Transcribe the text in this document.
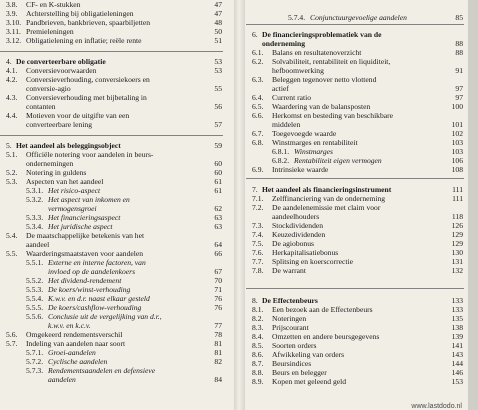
3.8. CF- en K-stukken	47
3.9. Achterstelling bij obligatieleningen	47
3.10. Pandbrieven, bankbrieven, spaarbiljetten	48
3.11. Premieleningen	50
3.12. Obligatielening en inflatie; reële rente	51
4. De converteerbare obligatie	53
4.1. Conversievoorwaarden	53
4.2. Conversieverhouding, conversiekoers en
conversie-agio	55
4.3. Conversieverhouding met bijbetaling in
contanten	56
4.4. Motieven voor de uitgifte van een
converteerbare lening	57
5. Het aandeel als beleggingsobject	59
5.1. Officiële notering voor aandelen in beurs-
ondernemingen	60
5.2. Notering in guldens	60
5.3. Aspecten van het aandeel	61
5.3.1. Het risico-aspect	61
5.3.2. Het aspect van inkomen en
vermogensgroei	62
5.3.3. Het financieringsaspect	63
5.3.4. Het juridische aspect	63
5.4. De maatschappelijke betekenis van het
aandeel	64
5.5. Waarderingsmaatstaven voor aandelen	66
5.5.1. Externe en interne factoren, van
invloed op de aandelenkoers	67
5.5.2. Het dividend-rendement	70
5.5.3. De koers/winst-verhouding	71
5.5.4. K.w.v. en d.r. naast elkaar gesteld	76
5.5.5. De koers/cashflow-verhouding	76
5.5.6. Conclusie uit de vergelijking van d.r.,
k.w.v. en k.c.v.	77
5.6. Omgekeerd rendementsverschil	78
5.7. Indeling van aandelen naar soort	81
5.7.1. Groei-aandelen	81
5.7.2. Cyclische aandelen	82
5.7.3. Rendementsaandelen en defensieve
aandelen	84
5.7.4. Conjunctuurgevoelige aandelen	85
6. De financieringsproblematiek van de
onderneming	88
6.1. Balans en resultatenoverzicht	88
6.2. Solvabiliteit, rentabiliteit en liquiditeit,
hefboomwerking	91
6.3. Beleggen tegenover netto vlottend
actief	97
6.4. Current ratio	97
6.5. Waardering van de balansposten	100
6.6. Herkomst en besteding van beschikbare
middelen	101
6.7. Toegevoegde waarde	102
6.8. Winstmarges en rentabiliteit	103
6.8.1. Winstmarges	103
6.8.2. Rentabiliteit eigen vermogen	106
6.9. Intrinsieke waarde	108
7. Het aandeel als financieringsinstrument	111
7.1. Zelffinanciering van de onderneming	111
7.2. De aandelenemissie met claim voor
aandeelhouders	118
7.3. Stockdividenden	126
7.4. Keuzedividenden	129
7.5. De agiobonus	129
7.6. Herkapitalisatiebonus	130
7.7. Splitsing en koerscorrectie	131
7.8. De warrant	132
8. De Effectenbeurs	133
8.1. Een bezoek aan de Effectenbeurs	133
8.2. Noteringen	135
8.3. Prijscourant	138
8.4. Omzetten en andere beursgegevens	139
8.5. Soorten orders	141
8.6. Afwikkeling van orders	143
8.7. Beursindices	144
8.8. Beurs en belegger	146
8.9. Kopen met geleend geld	153
www.lastdodo.nl
